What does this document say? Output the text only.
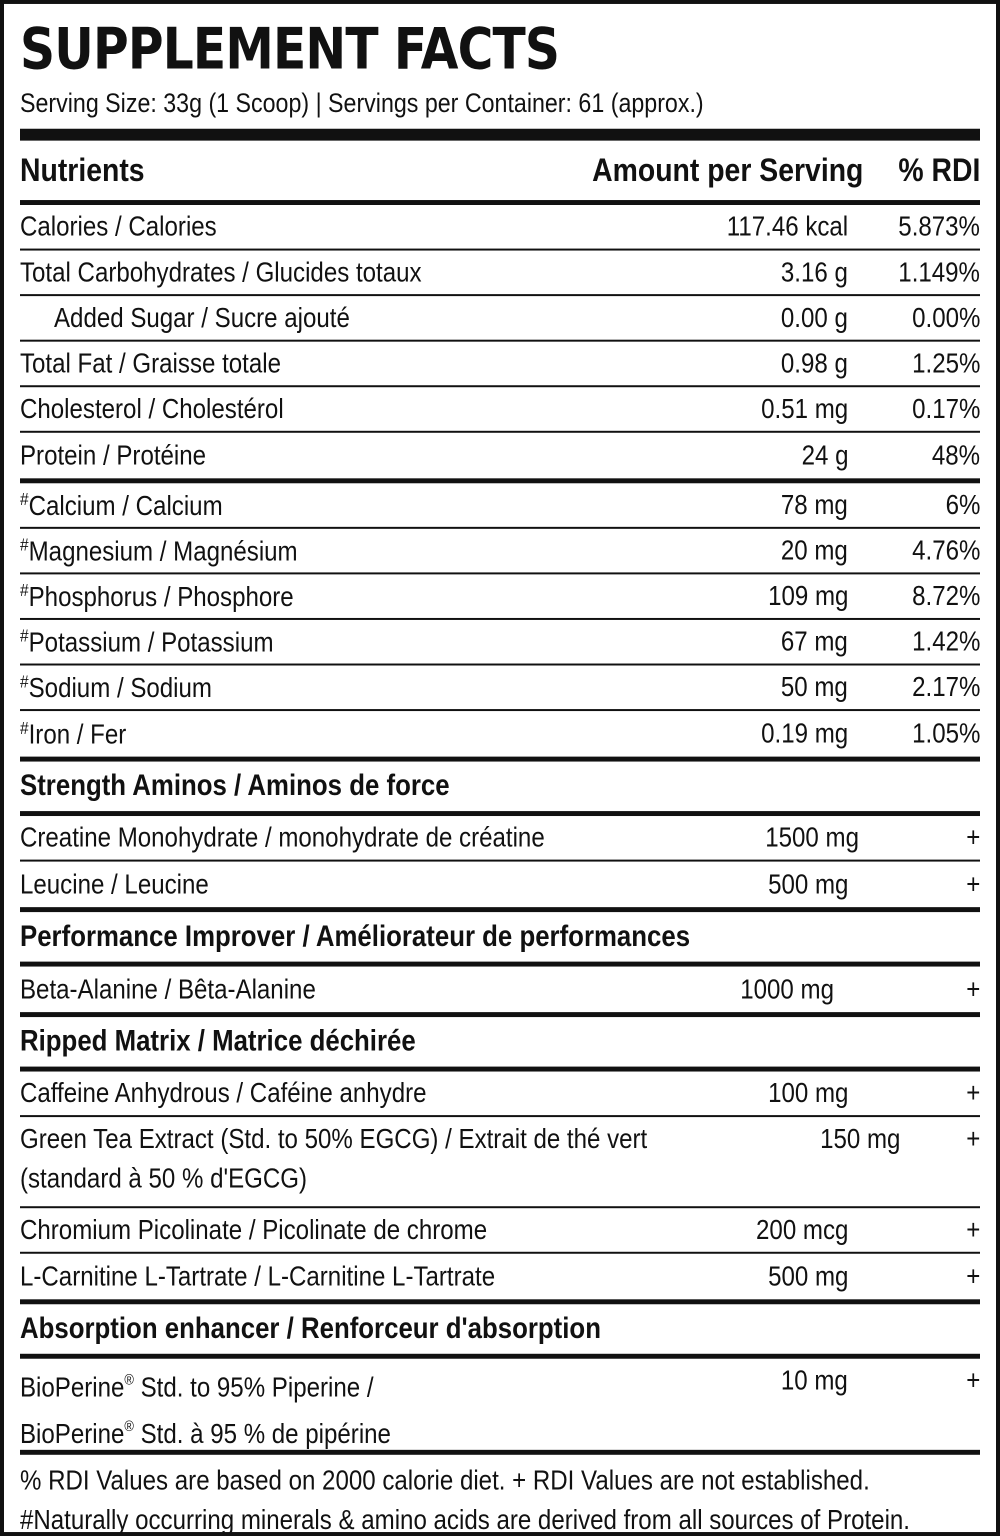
SUPPLEMENT FACTS
Serving Size: 33g (1 Scoop) | Servings per Container: 61 (approx.)
Nutrients	Amount per Serving	% RDI
Calories / Calories	117.46 kcal	5.873%
Total Carbohydrates / Glucides totaux	3.16 g	1.149%
Added Sugar / Sucre ajouté	0.00 g	0.00%
Total Fat / Graisse totale	0.98 g	1.25%
Cholesterol / Cholestérol	0.51 mg	0.17%
Protein / Protéine	24 g	48%
#Calcium / Calcium	78 mg	6%
#Magnesium / Magnésium	20 mg	4.76%
#Phosphorus / Phosphore	109 mg	8.72%
#Potassium / Potassium	67 mg	1.42%
#Sodium / Sodium	50 mg	2.17%
#Iron / Fer	0.19 mg	1.05%
Strength Aminos / Aminos de force
Creatine Monohydrate / monohydrate de créatine	1500 mg	+
Leucine / Leucine	500 mg	+
Performance Improver / Améliorateur de performances
Beta-Alanine / Bêta-Alanine	1000 mg	+
Ripped Matrix / Matrice déchirée
Caffeine Anhydrous / Caféine anhydre	100 mg	+
Green Tea Extract (Std. to 50% EGCG) / Extrait de thé vert
(standard à 50 % d'EGCG)
150 mg	+
Chromium Picolinate / Picolinate de chrome	200 mcg	+
L-Carnitine L-Tartrate / L-Carnitine L-Tartrate	500 mg	+
Absorption enhancer / Renforceur d'absorption
BioPerine® Std. to 95% Piperine /
BioPerine® Std. à 95 % de pipérine
10 mg	+
% RDI Values are based on 2000 calorie diet. + RDI Values are not established.
#Naturally occurring minerals & amino acids are derived from all sources of Protein.
